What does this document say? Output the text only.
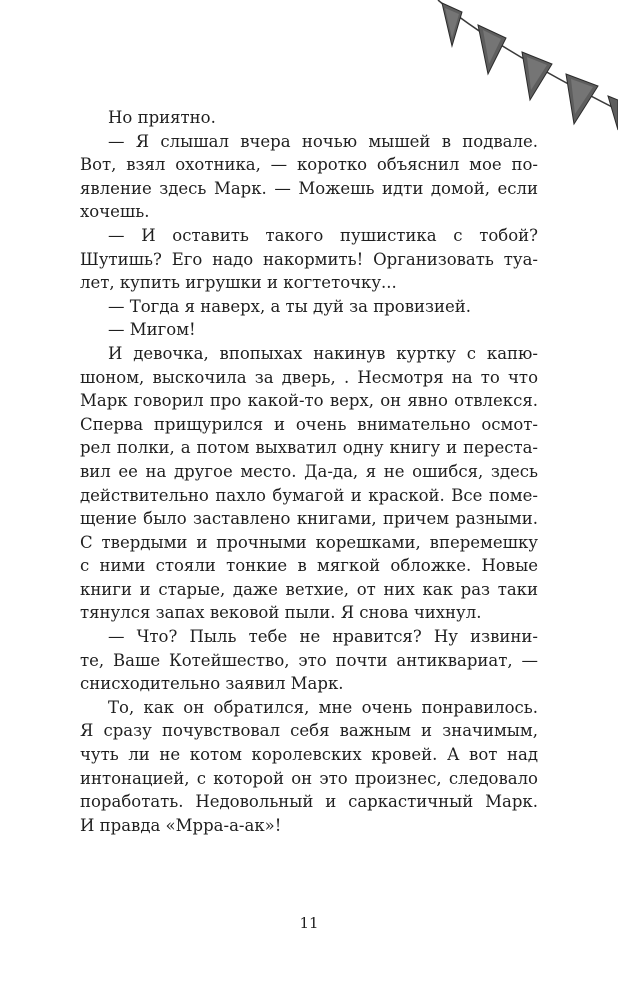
Но приятно.
— Я слышал вчера ночью мышей в подвале.
Вот, взял охотника, — коротко объяснил мое по-
явление здесь Марк. — Можешь идти домой, если
хочешь.
— И оставить такого пушистика с тобой?
Шутишь? Его надо накормить! Организовать туа-
лет, купить игрушки и когтеточку...
— Тогда я наверх, а ты дуй за провизией.
— Мигом!
И девочка, впопыхах накинув куртку с капю-
шоном, выскочила за дверь, . Несмотря на то что
Марк говорил про какой-то верх, он явно отвлекся.
Сперва прищурился и очень внимательно осмот-
рел полки, а потом выхватил одну книгу и переста-
вил ее на другое место. Да-да, я не ошибся, здесь
действительно пахло бумагой и краской. Все поме-
щение было заставлено книгами, причем разными.
С твердыми и прочными корешками, вперемешку
с ними стояли тонкие в мягкой обложке. Новые
книги и старые, даже ветхие, от них как раз таки
тянулся запах вековой пыли. Я снова чихнул.
— Что? Пыль тебе не нравится? Ну извини-
те, Ваше Котейшество, это почти антиквариат, —
снисходительно заявил Марк.
То, как он обратился, мне очень понравилось.
Я сразу почувствовал себя важным и значимым,
чуть ли не котом королевских кровей. А вот над
интонацией, с которой он это произнес, следовало
поработать. Недовольный и саркастичный Марк.
И правда «Мрра-а-ак»!
11
